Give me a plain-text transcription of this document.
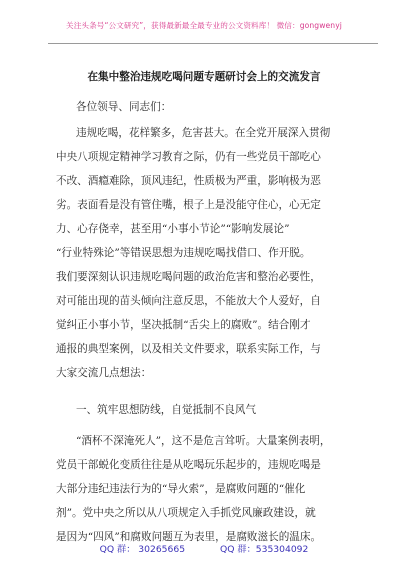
关注头条号“公文研究”，获得最新最全最专业的公文资料库！ 微信：gongwenyj
在集中整治违规吃喝问题专题研讨会上的交流发言
各位领导、同志们：
违规吃喝，花样繁多，危害甚大。在全党开展深入贯彻
中央八项规定精神学习教育之际，仍有一些党员干部吃心
不改、酒瘾难除，顶风违纪，性质极为严重，影响极为恶
劣。表面看是没有管住嘴，根子上是没能守住心，心无定
力、心存侥幸，甚至用“小事小节论”“影响发展论”
“行业特殊论”等错误思想为违规吃喝找借口、作开脱。
我们要深刻认识违规吃喝问题的政治危害和整治必要性，
对可能出现的苗头倾向注意反思，不能放大个人爱好，自
觉纠正小事小节，坚决抵制“舌尖上的腐败”。结合刚才
通报的典型案例，以及相关文件要求，联系实际工作，与
大家交流几点想法：
一、筑牢思想防线，自觉抵制不良风气
“酒杯不深淹死人”，这不是危言耸听。大量案例表明，
党员干部蜕化变质往往是从吃喝玩乐起步的，违规吃喝是
大部分违纪违法行为的“导火索”，是腐败问题的“催化
剂”。党中央之所以从八项规定入手抓党风廉政建设，就
是因为“四风”和腐败问题互为表里，是腐败滋长的温床。
QQ 群： 30265665	QQ 群：535304092
